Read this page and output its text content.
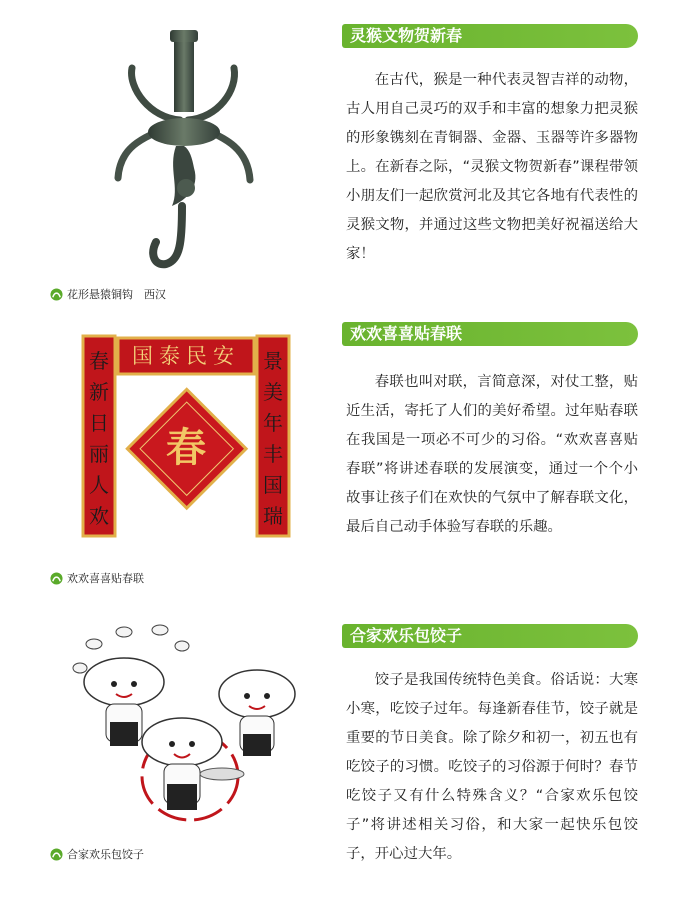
花形悬猿铜钩　西汉
灵猴文物贺新春
在古代，猴是一种代表灵智吉祥的动物，古人用自己灵巧的双手和丰富的想象力把灵猴的形象镌刻在青铜器、金器、玉器等许多器物上。在新春之际，“灵猴文物贺新春”课程带领小朋友们一起欣赏河北及其它各地有代表性的灵猴文物，并通过这些文物把美好祝福送给大家！
国泰民安
春新日丽人欢
景美年丰国瑞
春
欢欢喜喜贴春联
欢欢喜喜贴春联
春联也叫对联，言简意深，对仗工整，贴近生活，寄托了人们的美好希望。过年贴春联在我国是一项必不可少的习俗。“欢欢喜喜贴春联”将讲述春联的发展演变，通过一个个小故事让孩子们在欢快的气氛中了解春联文化，最后自己动手体验写春联的乐趣。
合家欢乐包饺子
合家欢乐包饺子
饺子是我国传统特色美食。俗话说：大寒小寒，吃饺子过年。每逢新春佳节，饺子就是重要的节日美食。除了除夕和初一，初五也有吃饺子的习惯。吃饺子的习俗源于何时？春节吃饺子又有什么特殊含义？“合家欢乐包饺子”将讲述相关习俗，和大家一起快乐包饺子，开心过大年。
